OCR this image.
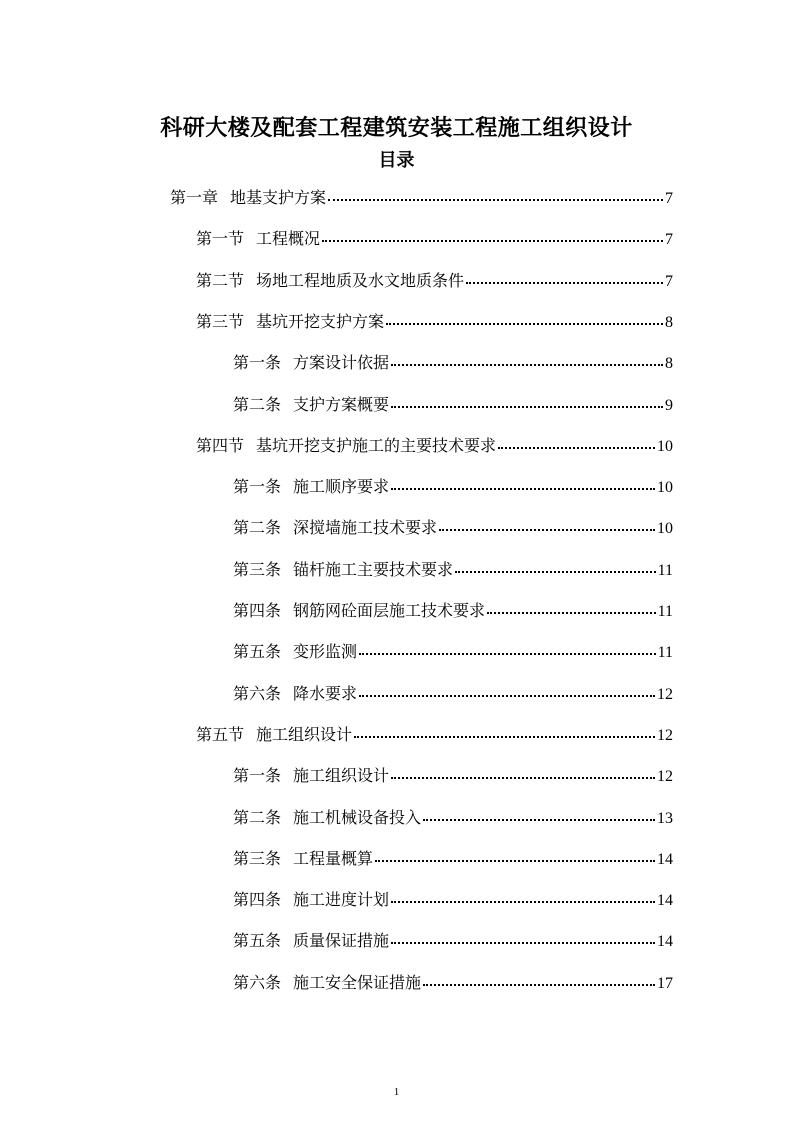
科研大楼及配套工程建筑安装工程施工组织设计
目录
第一章 地基支护方案	7
第一节 工程概况	7
第二节 场地工程地质及水文地质条件	7
第三节 基坑开挖支护方案	8
第一条 方案设计依据	8
第二条 支护方案概要	9
第四节 基坑开挖支护施工的主要技术要求	10
第一条 施工顺序要求	10
第二条 深搅墙施工技术要求	10
第三条 锚杆施工主要技术要求	11
第四条 钢筋网砼面层施工技术要求	11
第五条 变形监测	11
第六条 降水要求	12
第五节 施工组织设计	12
第一条 施工组织设计	12
第二条 施工机械设备投入	13
第三条 工程量概算	14
第四条 施工进度计划	14
第五条 质量保证措施	14
第六条 施工安全保证措施	17
1
